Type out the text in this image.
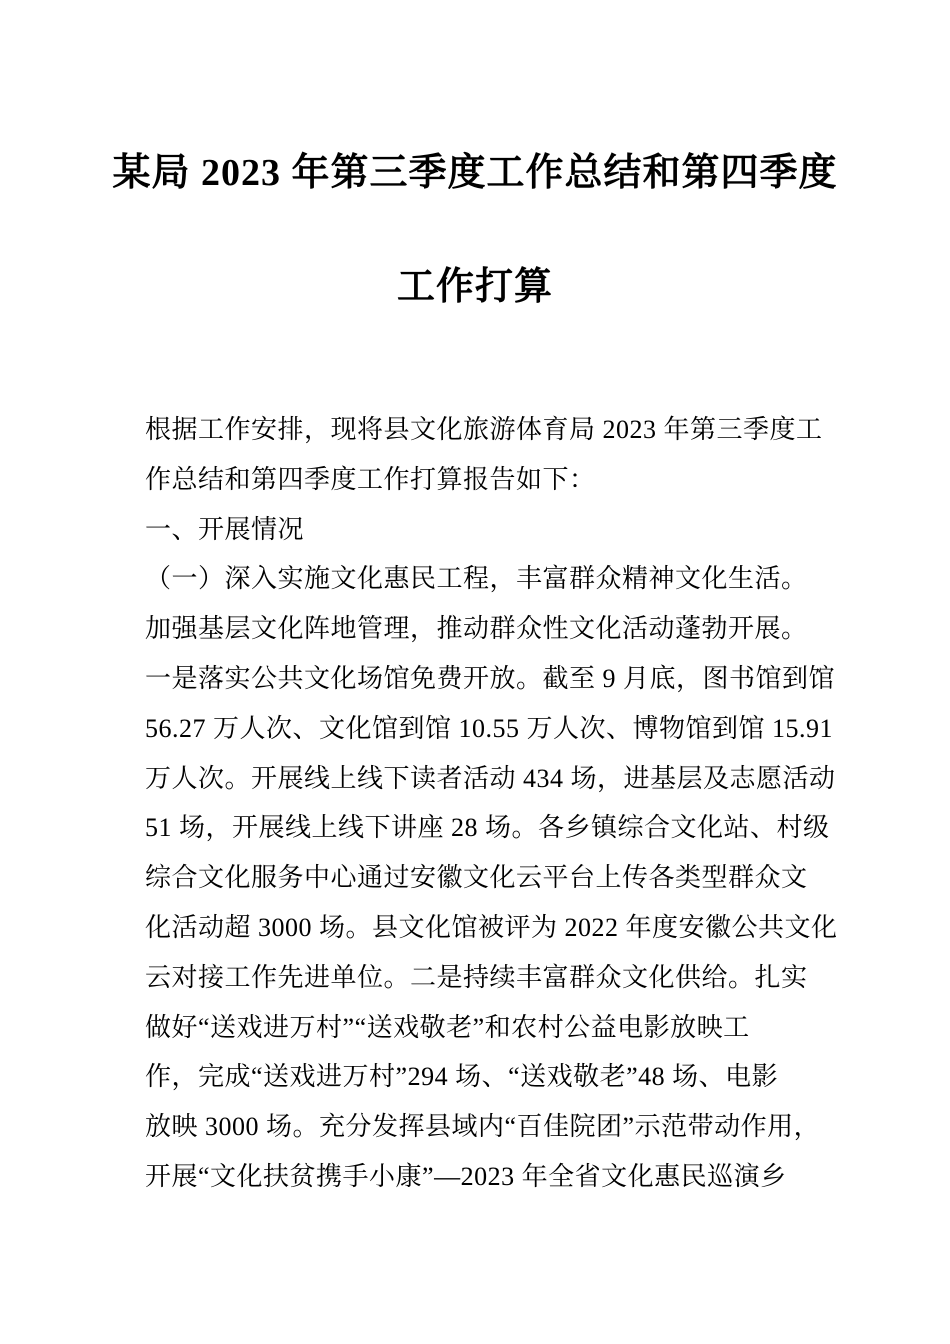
某局 2023 年第三季度工作总结和第四季度
工作打算
根据工作安排，现将县文化旅游体育局 2023 年第三季度工
作总结和第四季度工作打算报告如下：
一、开展情况
（一）深入实施文化惠民工程，丰富群众精神文化生活。
加强基层文化阵地管理，推动群众性文化活动蓬勃开展。
一是落实公共文化场馆免费开放。截至 9 月底，图书馆到馆
56.27 万人次、文化馆到馆 10.55 万人次、博物馆到馆 15.91
万人次。开展线上线下读者活动 434 场，进基层及志愿活动
51 场，开展线上线下讲座 28 场。各乡镇综合文化站、村级
综合文化服务中心通过安徽文化云平台上传各类型群众文
化活动超 3000 场。县文化馆被评为 2022 年度安徽公共文化
云对接工作先进单位。二是持续丰富群众文化供给。扎实
做好“送戏进万村”“送戏敬老”和农村公益电影放映工
作，完成“送戏进万村”294 场、“送戏敬老”48 场、电影
放映 3000 场。充分发挥县域内“百佳院团”示范带动作用，
开展“文化扶贫携手小康”—2023 年全省文化惠民巡演乡
